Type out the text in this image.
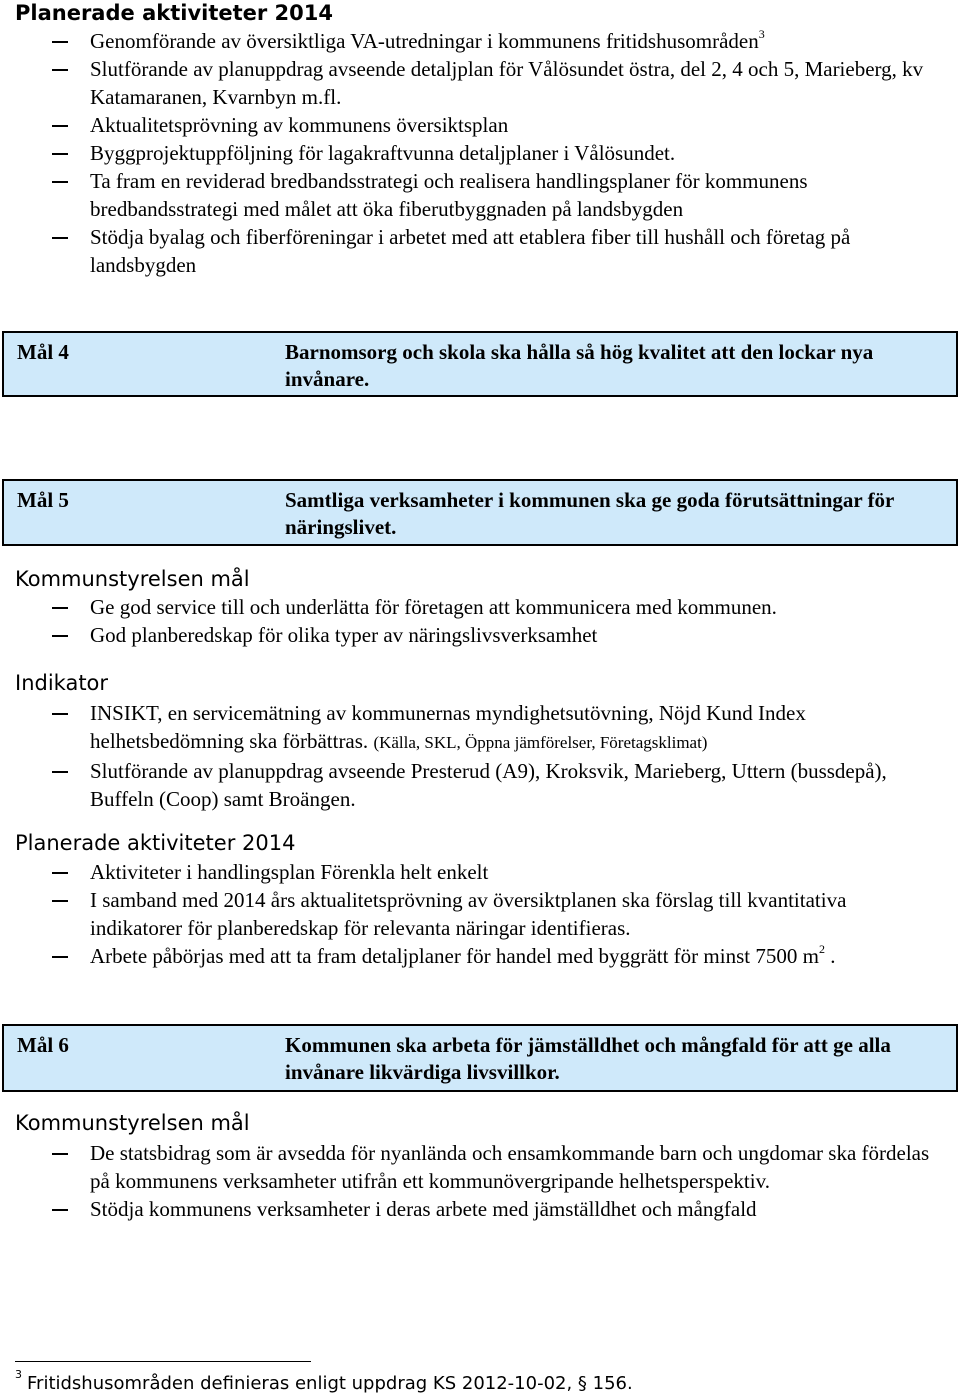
Planerade aktiviteter 2014
Genomförande av översiktliga VA-utredningar i kommunens fritidshusområden$^3$
Slutförande av planuppdrag avseende detaljplan för Vålösundet östra, del 2, 4 och 5, Marieberg, kv Katamaranen, Kvarnbyn m.fl.
Aktualitetsprövning av kommunens översiktsplan
Byggprojektuppföljning för lagakraftvunna detaljplaner i Vålösundet.
Ta fram en reviderad bredbandsstrategi och realisera handlingsplaner för kommunens bredbandsstrategi med målet att öka fiberutbyggnaden på landsbygden
Stödja byalag och fiberföreningar i arbetet med att etablera fiber till hushåll och företag på landsbygden
Mål 4	Barnomsorg och skola ska hålla så hög kvalitet att den lockar nya invånare.
Mål 5	Samtliga verksamheter i kommunen ska ge goda förutsättningar för näringslivet.
Kommunstyrelsen mål
Ge god service till och underlätta för företagen att kommunicera med kommunen.
God planberedskap för olika typer av näringslivsverksamhet
Indikator
INSIKT, en servicemätning av kommunernas myndighetsutövning, Nöjd Kund Index helhetsbedömning ska förbättras. (Källa, SKL, Öppna jämförelser, Företagsklimat)
Slutförande av planuppdrag avseende Presterud (A9), Kroksvik, Marieberg, Uttern (bussdepå), Buffeln (Coop) samt Broängen.
Planerade aktiviteter 2014
Aktiviteter i handlingsplan Förenkla helt enkelt
I samband med 2014 års aktualitetsprövning av översiktplanen ska förslag till kvantitativa indikatorer för planberedskap för relevanta näringar identifieras.
Arbete påbörjas med att ta fram detaljplaner för handel med byggrätt för minst 7500 $m^2$ .
Mål 6	Kommunen ska arbeta för jämställdhet och mångfald för att ge alla invånare likvärdiga livsvillkor.
Kommunstyrelsen mål
De statsbidrag som är avsedda för nyanlända och ensamkommande barn och ungdomar ska fördelas på kommunens verksamheter utifrån ett kommunövergripande helhetsperspektiv.
Stödja kommunens verksamheter i deras arbete med jämställdhet och mångfald
$^3$ Fritidshusområden definieras enligt uppdrag KS 2012-10-02, § 156.
